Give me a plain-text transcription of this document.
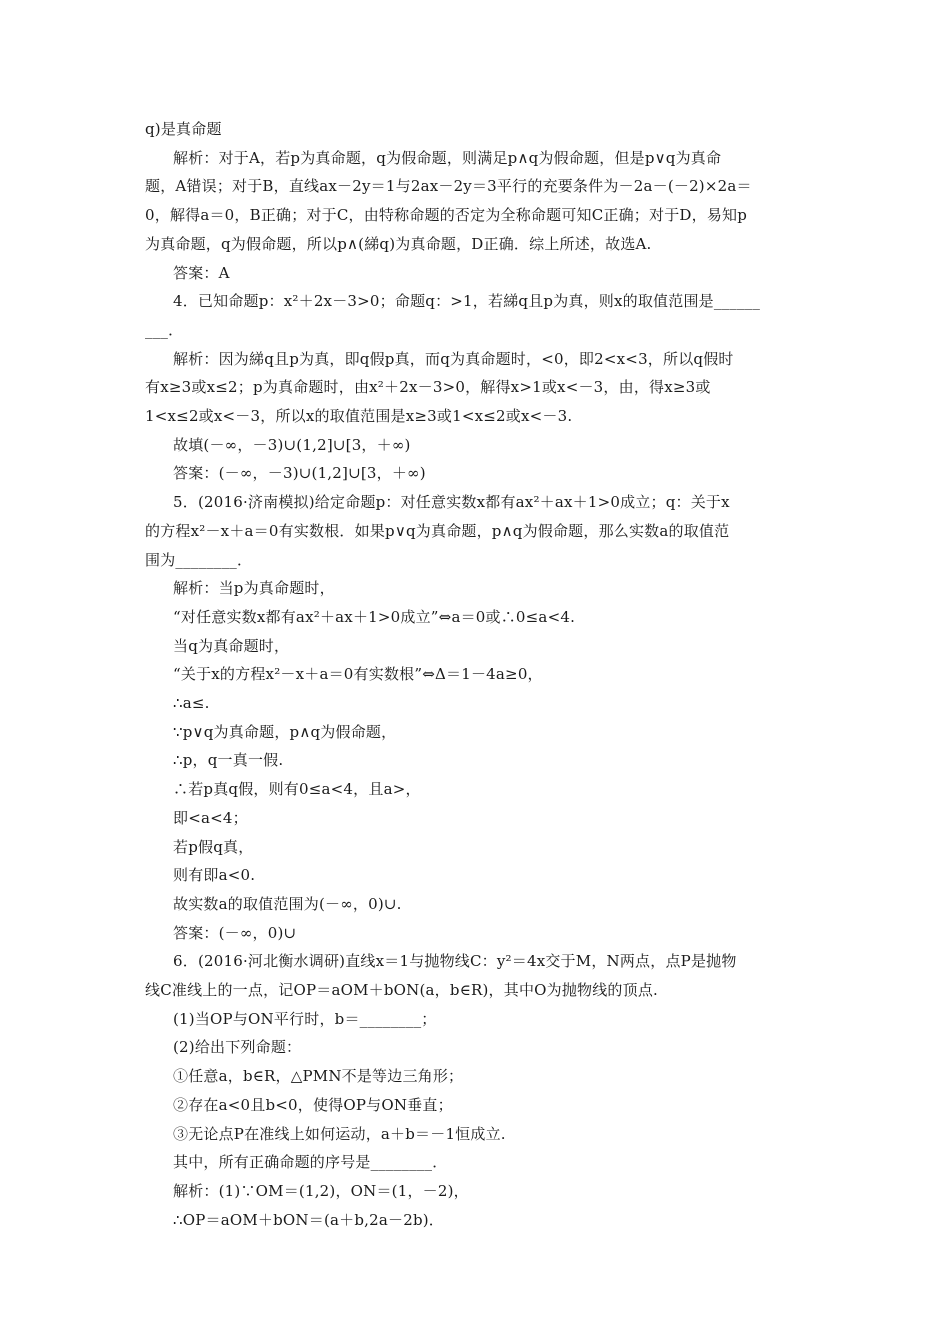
q)是真命题
解析：对于A，若p为真命题，q为假命题，则满足p∧q为假命题，但是p∨q为真命
题，A错误；对于B，直线ax－2y＝1与2ax－2y＝3平行的充要条件为－2a－(－2)×2a＝
0，解得a＝0，B正确；对于C，由特称命题的否定为全称命题可知C正确；对于D，易知p
为真命题，q为假命题，所以p∧(綈q)为真命题，D正确．综上所述，故选A.
答案：A
4．已知命题p：x²＋2x－3>0；命题q：>1，若綈q且p为真，则x的取值范围是______
___．
解析：因为綈q且p为真，即q假p真，而q为真命题时，<0，即2<x<3，所以q假时
有x≥3或x≤2；p为真命题时，由x²＋2x－3>0，解得x>1或x<－3，由，得x≥3或
1<x≤2或x<－3，所以x的取值范围是x≥3或1<x≤2或x<－3.
故填(－∞，－3)∪(1,2]∪[3，＋∞)
答案：(－∞，－3)∪(1,2]∪[3，＋∞)
5．(2016·济南模拟)给定命题p：对任意实数x都有ax²＋ax＋1>0成立；q：关于x
的方程x²－x＋a＝0有实数根．如果p∨q为真命题，p∧q为假命题，那么实数a的取值范
围为________．
解析：当p为真命题时，
“对任意实数x都有ax²＋ax＋1>0成立”⇔a＝0或∴0≤a<4.
当q为真命题时，
“关于x的方程x²－x＋a＝0有实数根”⇔Δ＝1－4a≥0，
∴a≤.
∵p∨q为真命题，p∧q为假命题，
∴p，q一真一假.
∴若p真q假，则有0≤a<4，且a>，
即<a<4；
若p假q真，
则有即a<0.
故实数a的取值范围为(－∞，0)∪.
答案：(－∞，0)∪
6．(2016·河北衡水调研)直线x＝1与抛物线C：y²＝4x交于M，N两点，点P是抛物
线C准线上的一点，记OP＝aOM＋bON(a，b∈R)，其中O为抛物线的顶点.
(1)当OP与ON平行时，b＝________；
(2)给出下列命题：
①任意a，b∈R，△PMN不是等边三角形；
②存在a<0且b<0，使得OP与ON垂直；
③无论点P在准线上如何运动，a＋b＝－1恒成立.
其中，所有正确命题的序号是________．
解析：(1)∵OM＝(1,2)，ON＝(1，－2)，
∴OP＝aOM＋bON＝(a＋b,2a－2b)．
